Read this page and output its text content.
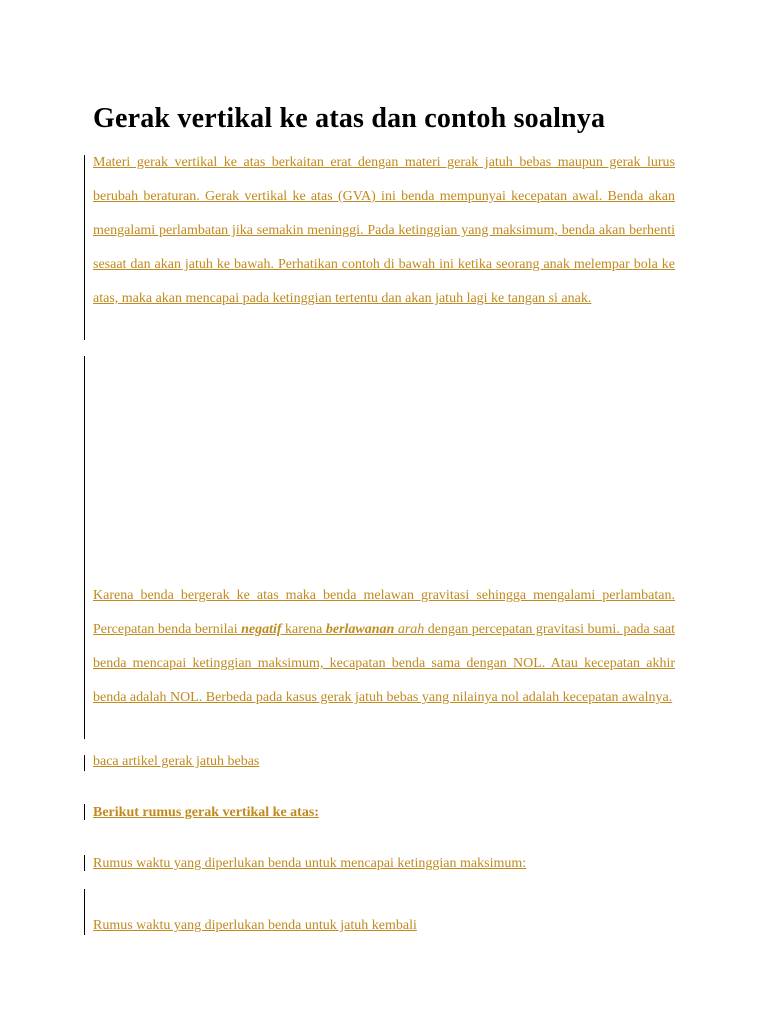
Gerak vertikal ke atas dan contoh soalnya

Materi gerak vertikal ke atas berkaitan erat dengan materi gerak jatuh bebas maupun gerak lurus berubah beraturan. Gerak vertikal ke atas (GVA) ini benda mempunyai kecepatan awal. Benda akan mengalami perlambatan jika semakin meninggi. Pada ketinggian yang maksimum, benda akan berhenti sesaat dan akan jatuh ke bawah. Perhatikan contoh di bawah ini ketika seorang anak melempar bola ke atas, maka akan mencapai pada ketinggian tertentu dan akan jatuh lagi ke tangan si anak.

Karena benda bergerak ke atas maka benda melawan gravitasi sehingga mengalami perlambatan. Percepatan benda bernilai negatif karena berlawanan arah dengan percepatan gravitasi bumi. pada saat benda mencapai ketinggian maksimum, kecapatan benda sama dengan NOL. Atau kecepatan akhir benda adalah NOL. Berbeda pada kasus gerak jatuh bebas yang nilainya nol adalah kecepatan awalnya.

baca artikel gerak jatuh bebas

Berikut rumus gerak vertikal ke atas:

Rumus waktu yang diperlukan benda untuk mencapai ketinggian maksimum:

Rumus waktu yang diperlukan benda untuk jatuh kembali
